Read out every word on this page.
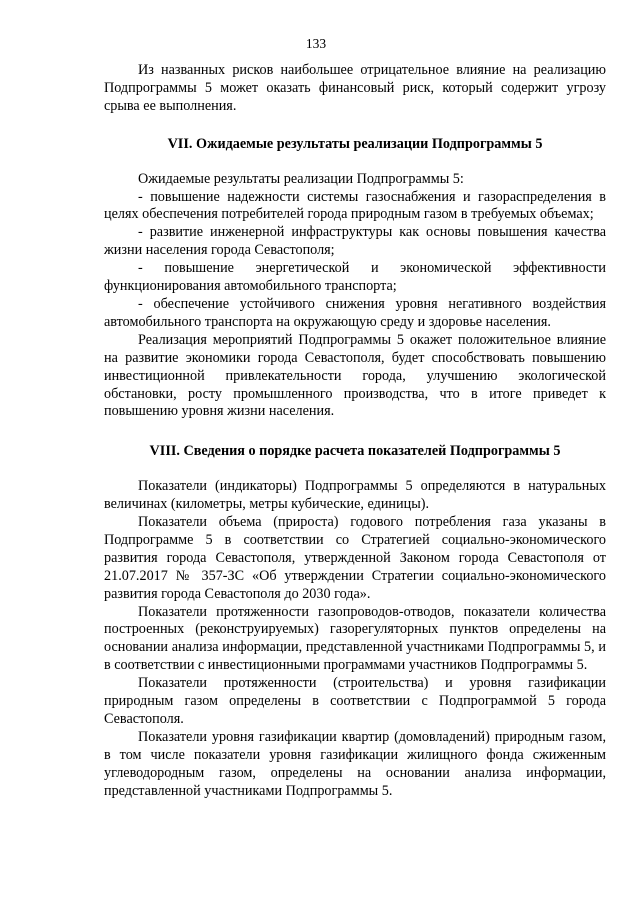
133

Из названных рисков наибольшее отрицательное влияние на реализацию Подпрограммы 5 может оказать финансовый риск, который содержит угрозу срыва ее выполнения.

VII. Ожидаемые результаты реализации Подпрограммы 5

Ожидаемые результаты реализации Подпрограммы 5:

- повышение надежности системы газоснабжения и газораспределения в целях обеспечения потребителей города природным газом в требуемых объемах;

- развитие инженерной инфраструктуры как основы повышения качества жизни населения города Севастополя;

- повышение энергетической и экономической эффективности функционирования автомобильного транспорта;

- обеспечение устойчивого снижения уровня негативного воздействия автомобильного транспорта на окружающую среду и здоровье населения.

Реализация мероприятий Подпрограммы 5 окажет положительное влияние на развитие экономики города Севастополя, будет способствовать повышению инвестиционной привлекательности города, улучшению экологической обстановки, росту промышленного производства, что в итоге приведет к повышению уровня жизни населения.

VIII. Сведения о порядке расчета показателей Подпрограммы 5

Показатели (индикаторы) Подпрограммы 5 определяются в натуральных величинах (километры, метры кубические, единицы).

Показатели объема (прироста) годового потребления газа указаны в Подпрограмме 5 в соответствии со Стратегией социально-экономического развития города Севастополя, утвержденной Законом города Севастополя от 21.07.2017 № 357-ЗС «Об утверждении Стратегии социально-экономического развития города Севастополя до 2030 года».

Показатели протяженности газопроводов-отводов, показатели количества построенных (реконструируемых) газорегуляторных пунктов определены на основании анализа информации, представленной участниками Подпрограммы 5, и в соответствии с инвестиционными программами участников Подпрограммы 5.

Показатели протяженности (строительства) и уровня газификации природным газом определены в соответствии с Подпрограммой 5 города Севастополя.

Показатели уровня газификации квартир (домовладений) природным газом, в том числе показатели уровня газификации жилищного фонда сжиженным углеводородным газом, определены на основании анализа информации, представленной участниками Подпрограммы 5.
